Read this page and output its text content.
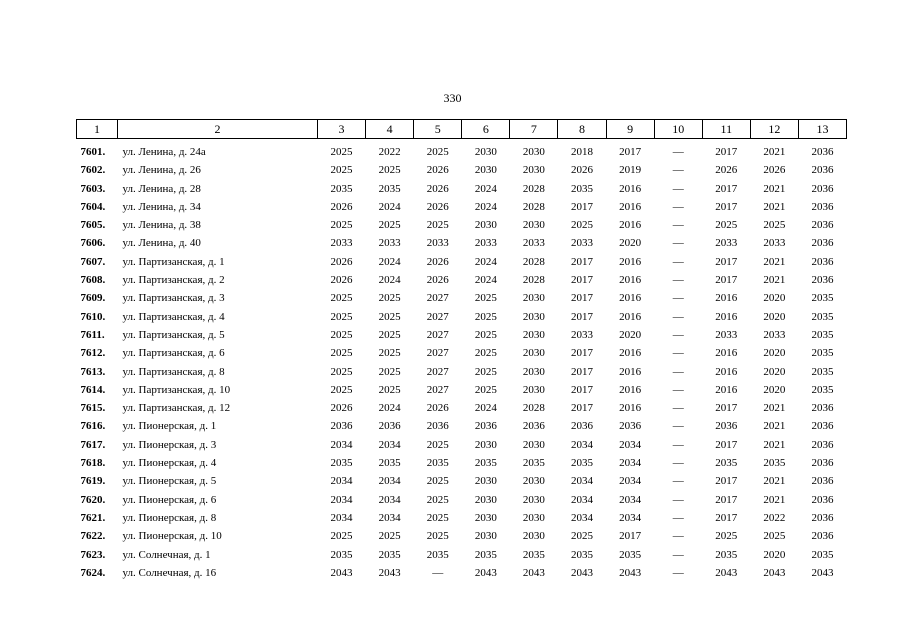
330
1	2	3	4	5	6	7	8	9	10	11	12	13
7601.	ул. Ленина, д. 24а	2025	2022	2025	2030	2030	2018	2017	—	2017	2021	2036
7602.	ул. Ленина, д. 26	2025	2025	2026	2030	2030	2026	2019	—	2026	2026	2036
7603.	ул. Ленина, д. 28	2035	2035	2026	2024	2028	2035	2016	—	2017	2021	2036
7604.	ул. Ленина, д. 34	2026	2024	2026	2024	2028	2017	2016	—	2017	2021	2036
7605.	ул. Ленина, д. 38	2025	2025	2025	2030	2030	2025	2016	—	2025	2025	2036
7606.	ул. Ленина, д. 40	2033	2033	2033	2033	2033	2033	2020	—	2033	2033	2036
7607.	ул. Партизанская, д. 1	2026	2024	2026	2024	2028	2017	2016	—	2017	2021	2036
7608.	ул. Партизанская, д. 2	2026	2024	2026	2024	2028	2017	2016	—	2017	2021	2036
7609.	ул. Партизанская, д. 3	2025	2025	2027	2025	2030	2017	2016	—	2016	2020	2035
7610.	ул. Партизанская, д. 4	2025	2025	2027	2025	2030	2017	2016	—	2016	2020	2035
7611.	ул. Партизанская, д. 5	2025	2025	2027	2025	2030	2033	2020	—	2033	2033	2035
7612.	ул. Партизанская, д. 6	2025	2025	2027	2025	2030	2017	2016	—	2016	2020	2035
7613.	ул. Партизанская, д. 8	2025	2025	2027	2025	2030	2017	2016	—	2016	2020	2035
7614.	ул. Партизанская, д. 10	2025	2025	2027	2025	2030	2017	2016	—	2016	2020	2035
7615.	ул. Партизанская, д. 12	2026	2024	2026	2024	2028	2017	2016	—	2017	2021	2036
7616.	ул. Пионерская, д. 1	2036	2036	2036	2036	2036	2036	2036	—	2036	2021	2036
7617.	ул. Пионерская, д. 3	2034	2034	2025	2030	2030	2034	2034	—	2017	2021	2036
7618.	ул. Пионерская, д. 4	2035	2035	2035	2035	2035	2035	2034	—	2035	2035	2036
7619.	ул. Пионерская, д. 5	2034	2034	2025	2030	2030	2034	2034	—	2017	2021	2036
7620.	ул. Пионерская, д. 6	2034	2034	2025	2030	2030	2034	2034	—	2017	2021	2036
7621.	ул. Пионерская, д. 8	2034	2034	2025	2030	2030	2034	2034	—	2017	2022	2036
7622.	ул. Пионерская, д. 10	2025	2025	2025	2030	2030	2025	2017	—	2025	2025	2036
7623.	ул. Солнечная, д. 1	2035	2035	2035	2035	2035	2035	2035	—	2035	2020	2035
7624.	ул. Солнечная, д. 16	2043	2043	—	2043	2043	2043	2043	—	2043	2043	2043
